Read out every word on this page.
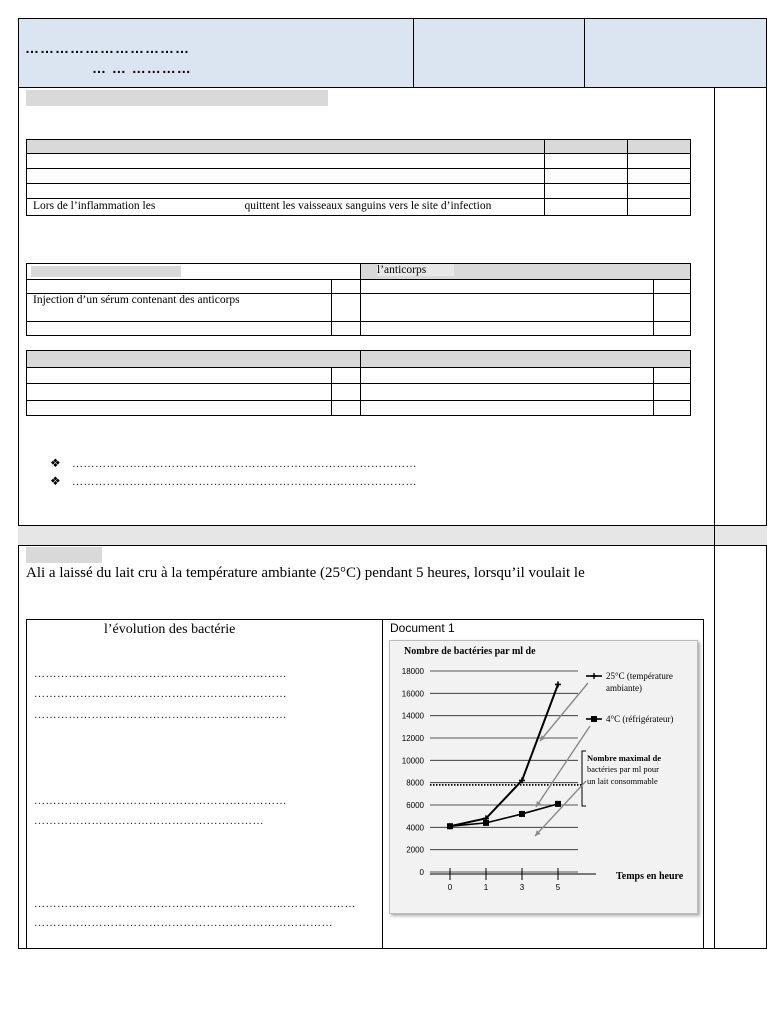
……………………………
… … …………

Lors de l’inflammation les                               quittent les vaisseaux sanguins vers le site d’infection		
		l’anticorps	

Injection d’un sérum contenant des anticorps			

❖ ………………………………………………………………………………
❖ ………………………………………………………………………………
Ali a laissé du lait cru à la température ambiante (25°C) pendant 5 heures, lorsqu’il voulait le
l’évolution des bactérie	Document 1
…………………………………………………………
…………………………………………………………
…………………………………………………………
…………………………………………………………
……………………………………………………
…………………………………………………………………………
……………………………………………………………………
Nombre de bactéries par ml de
0
2000
4000
6000
8000
10000
12000
14000
16000
18000
0	1	3	5
25°C (température
ambiante)
4°C (réfrigérateur)
Nombre maximal de
bactéries par ml pour
un lait consommable
Temps en heure
